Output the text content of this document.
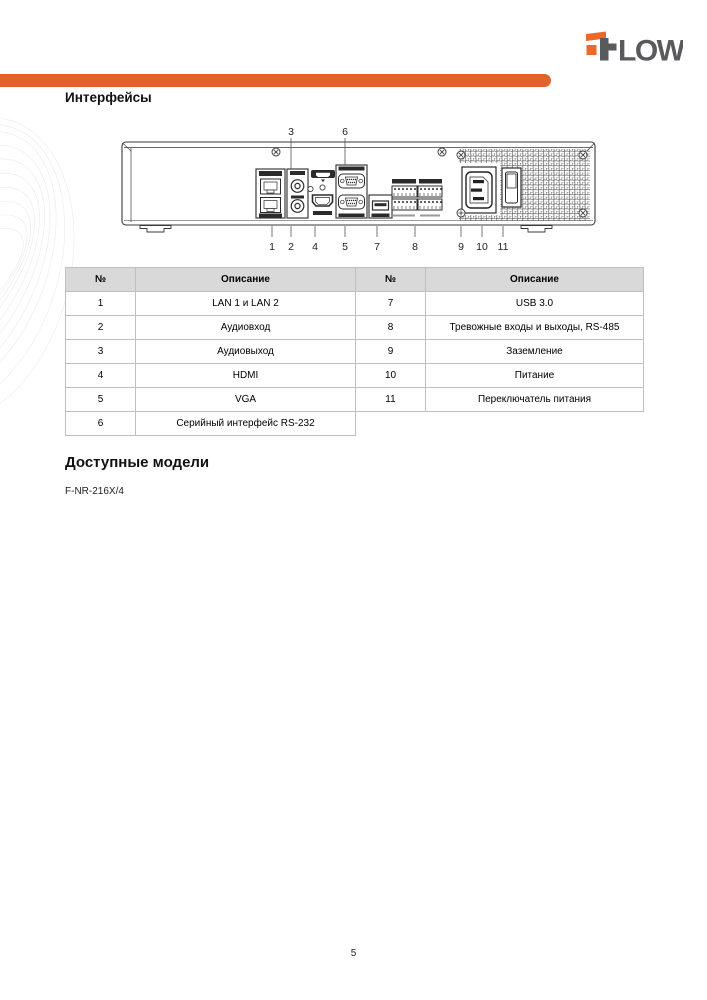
LOW
Интерфейсы
3	6
1 2 4 5 7	8	9 10 11
№	Описание	№	Описание
1	LAN 1 и LAN 2	7	USB 3.0
2	Аудиовход	8	Тревожные входы и выходы, RS-485
3	Аудиовыход	9	Заземление
4	HDMI	10	Питание
5	VGA	11	Переключатель питания
6	Серийный интерфейс RS-232		
Доступные модели
F-NR-216X/4
5
